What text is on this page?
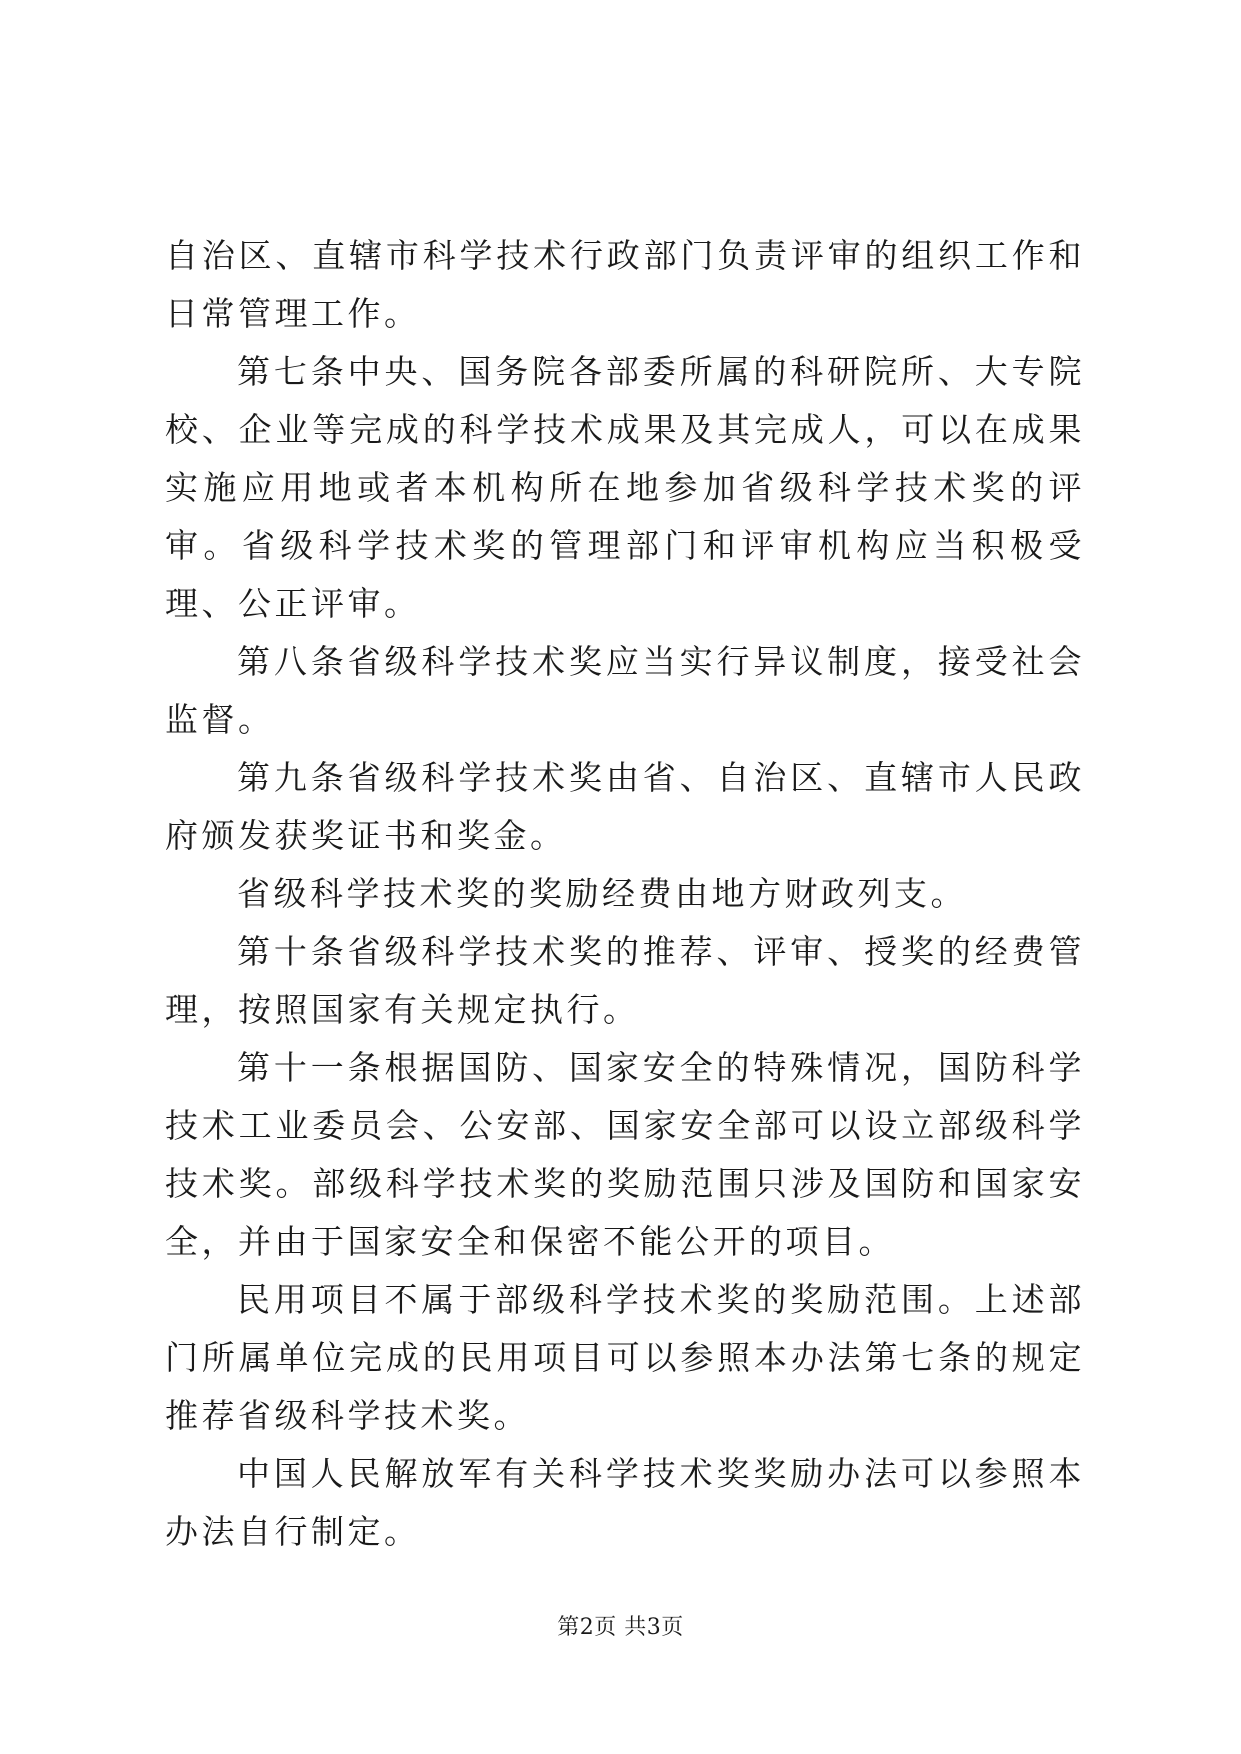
自治区、直辖市科学技术行政部门负责评审的组织工作和日常管理工作。

第七条中央、国务院各部委所属的科研院所、大专院校、企业等完成的科学技术成果及其完成人，可以在成果实施应用地或者本机构所在地参加省级科学技术奖的评审。省级科学技术奖的管理部门和评审机构应当积极受理、公正评审。

第八条省级科学技术奖应当实行异议制度，接受社会监督。

第九条省级科学技术奖由省、自治区、直辖市人民政府颁发获奖证书和奖金。

省级科学技术奖的奖励经费由地方财政列支。

第十条省级科学技术奖的推荐、评审、授奖的经费管理，按照国家有关规定执行。

第十一条根据国防、国家安全的特殊情况，国防科学技术工业委员会、公安部、国家安全部可以设立部级科学技术奖。部级科学技术奖的奖励范围只涉及国防和国家安全，并由于国家安全和保密不能公开的项目。

民用项目不属于部级科学技术奖的奖励范围。上述部门所属单位完成的民用项目可以参照本办法第七条的规定推荐省级科学技术奖。

中国人民解放军有关科学技术奖奖励办法可以参照本办法自行制定。

第2页 共3页
